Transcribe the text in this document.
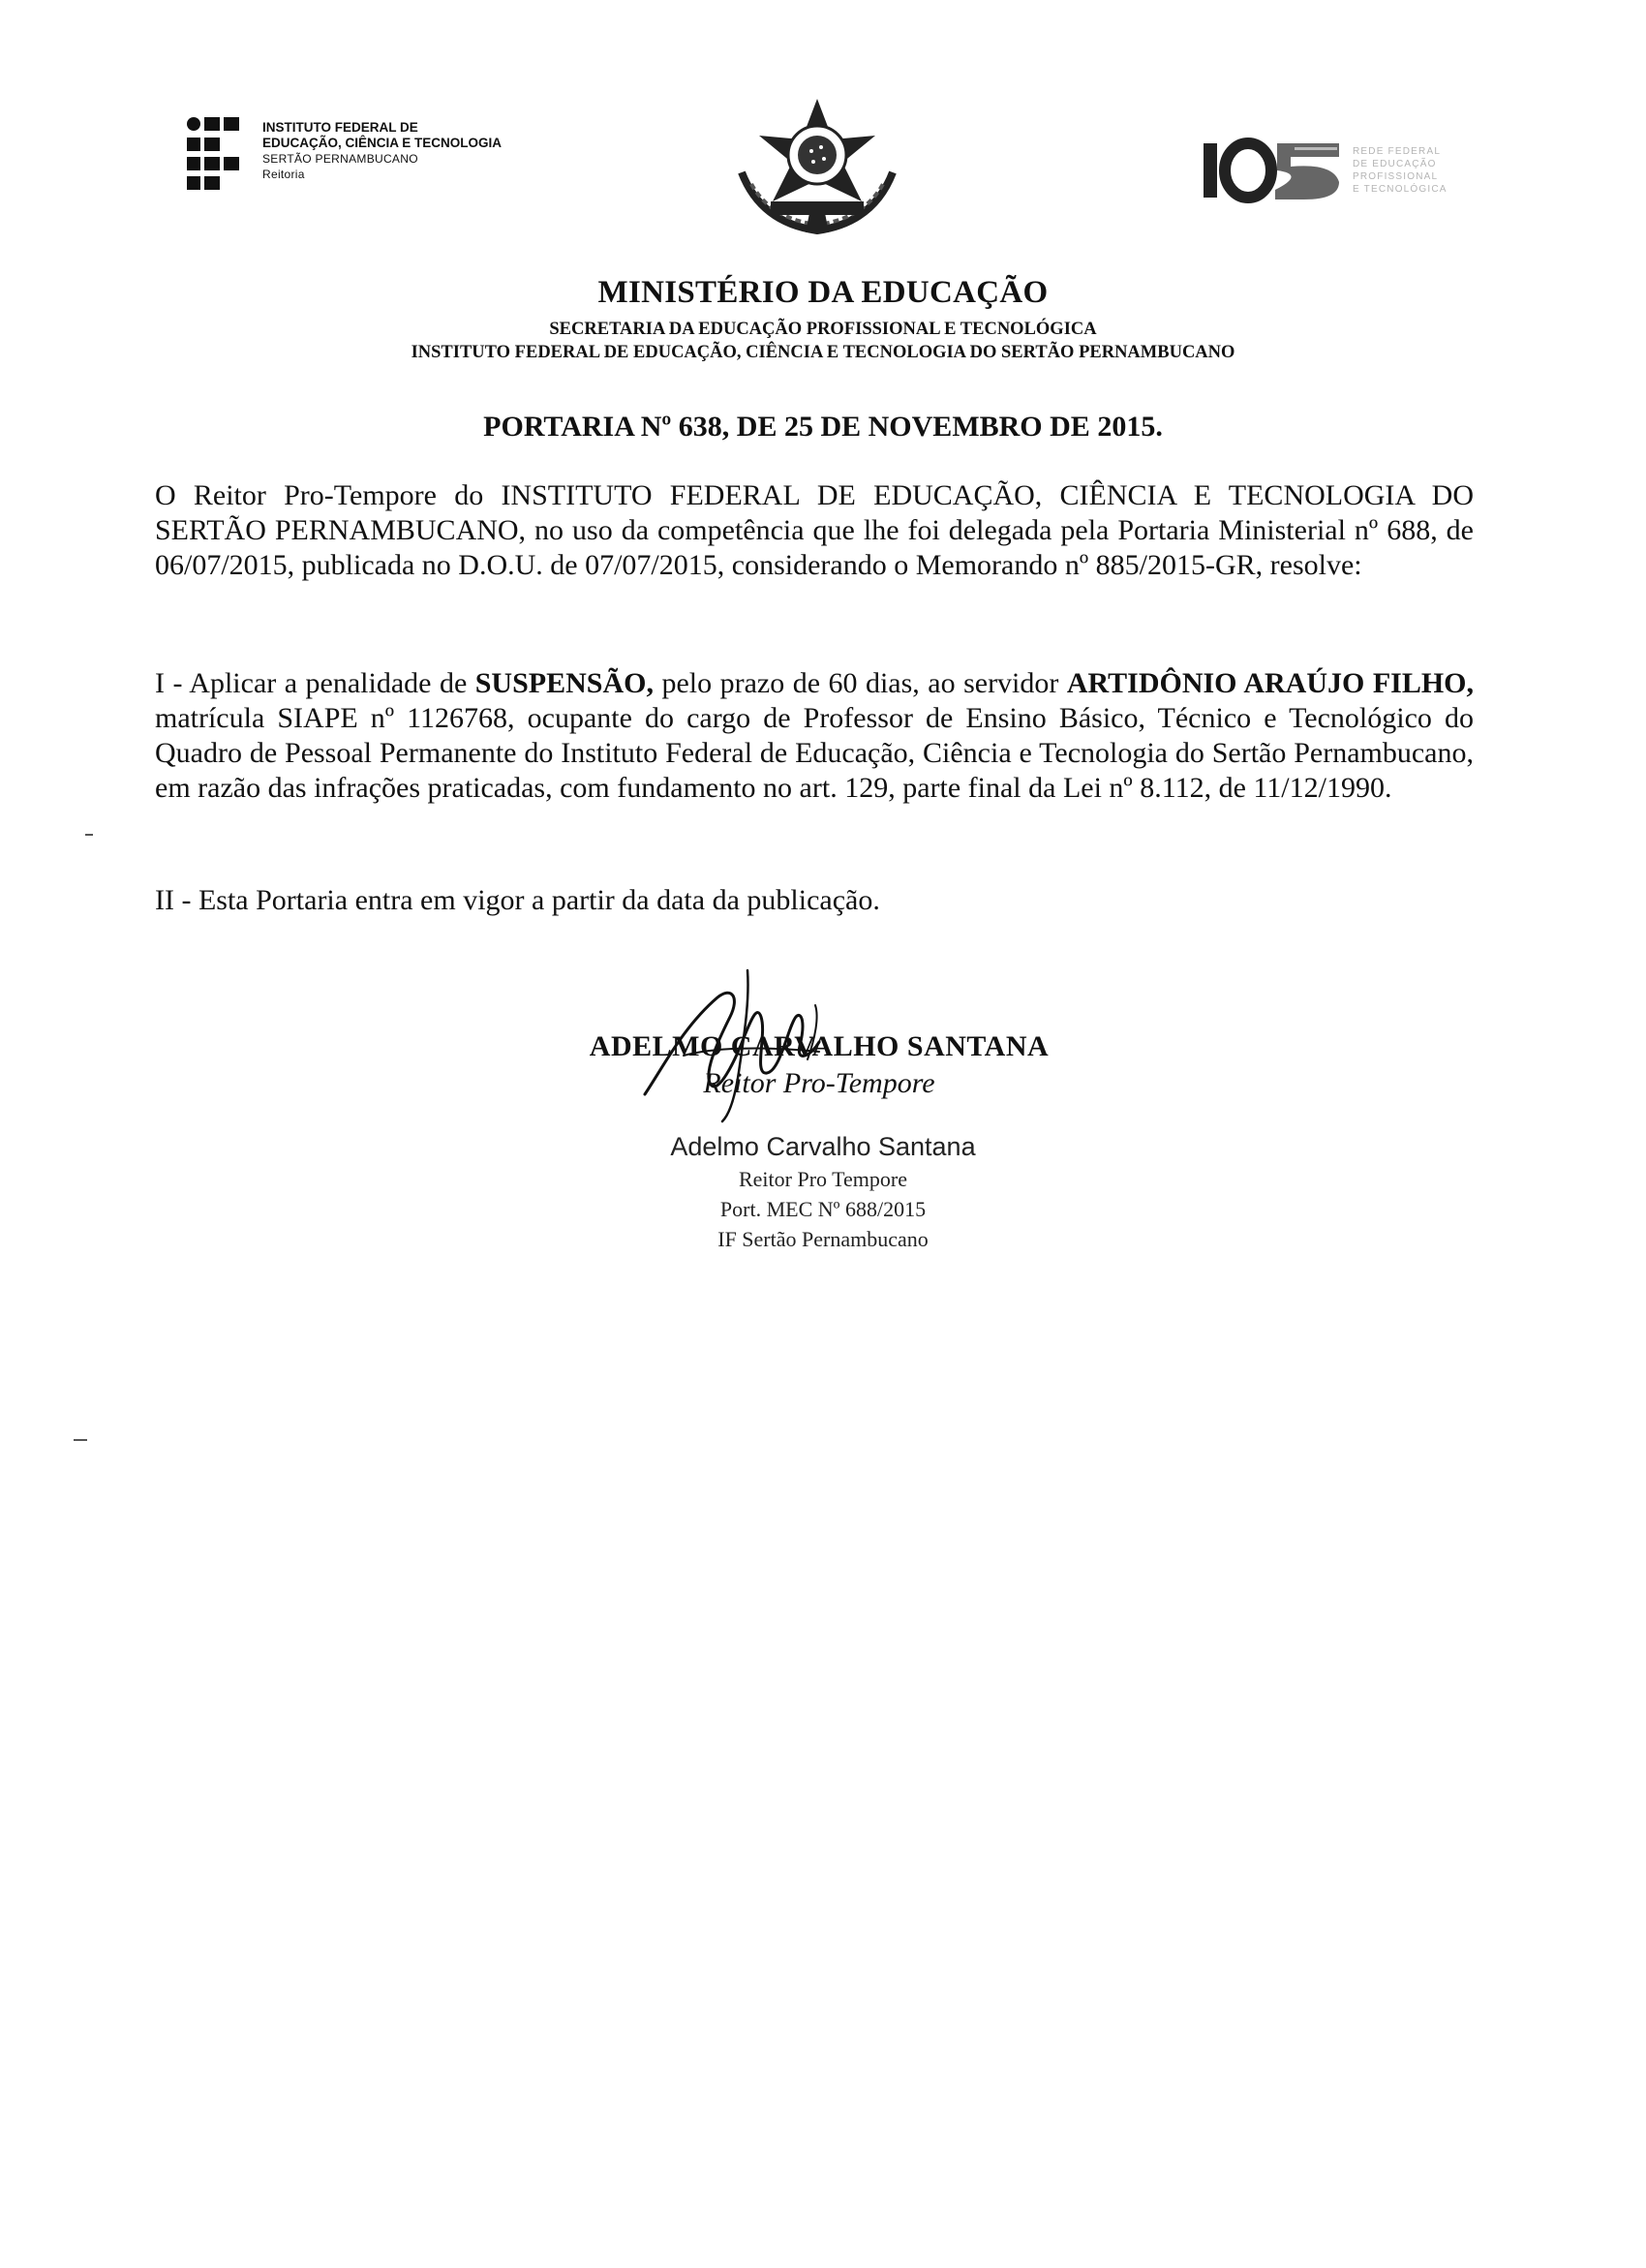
INSTITUTO FEDERAL DE
EDUCAÇÃO, CIÊNCIA E TECNOLOGIA
SERTÃO PERNAMBUCANO
Reitoria
REDE FEDERAL
DE EDUCAÇÃO
PROFISSIONAL
E TECNOLÓGICA
MINISTÉRIO DA EDUCAÇÃO
SECRETARIA DA EDUCAÇÃO PROFISSIONAL E TECNOLÓGICA
INSTITUTO FEDERAL DE EDUCAÇÃO, CIÊNCIA E TECNOLOGIA DO SERTÃO PERNAMBUCANO
PORTARIA Nº 638, DE 25 DE NOVEMBRO DE 2015.
O Reitor Pro-Tempore do INSTITUTO FEDERAL DE EDUCAÇÃO, CIÊNCIA E TECNOLOGIA DO SERTÃO PERNAMBUCANO, no uso da competência que lhe foi delegada pela Portaria Ministerial nº 688, de 06/07/2015, publicada no D.O.U. de 07/07/2015, considerando o Memorando nº 885/2015-GR, resolve:
I - Aplicar a penalidade de SUSPENSÃO, pelo prazo de 60 dias, ao servidor ARTIDÔNIO ARAÚJO FILHO, matrícula SIAPE nº 1126768, ocupante do cargo de Professor de Ensino Básico, Técnico e Tecnológico do Quadro de Pessoal Permanente do Instituto Federal de Educação, Ciência e Tecnologia do Sertão Pernambucano, em razão das infrações praticadas, com fundamento no art. 129, parte final da Lei nº 8.112, de 11/12/1990.
II - Esta Portaria entra em vigor a partir da data da publicação.
ADELMO CARVALHO SANTANA
Reitor Pro-Tempore
Adelmo Carvalho Santana
Reitor Pro Tempore
Port. MEC Nº 688/2015
IF Sertão Pernambucano
